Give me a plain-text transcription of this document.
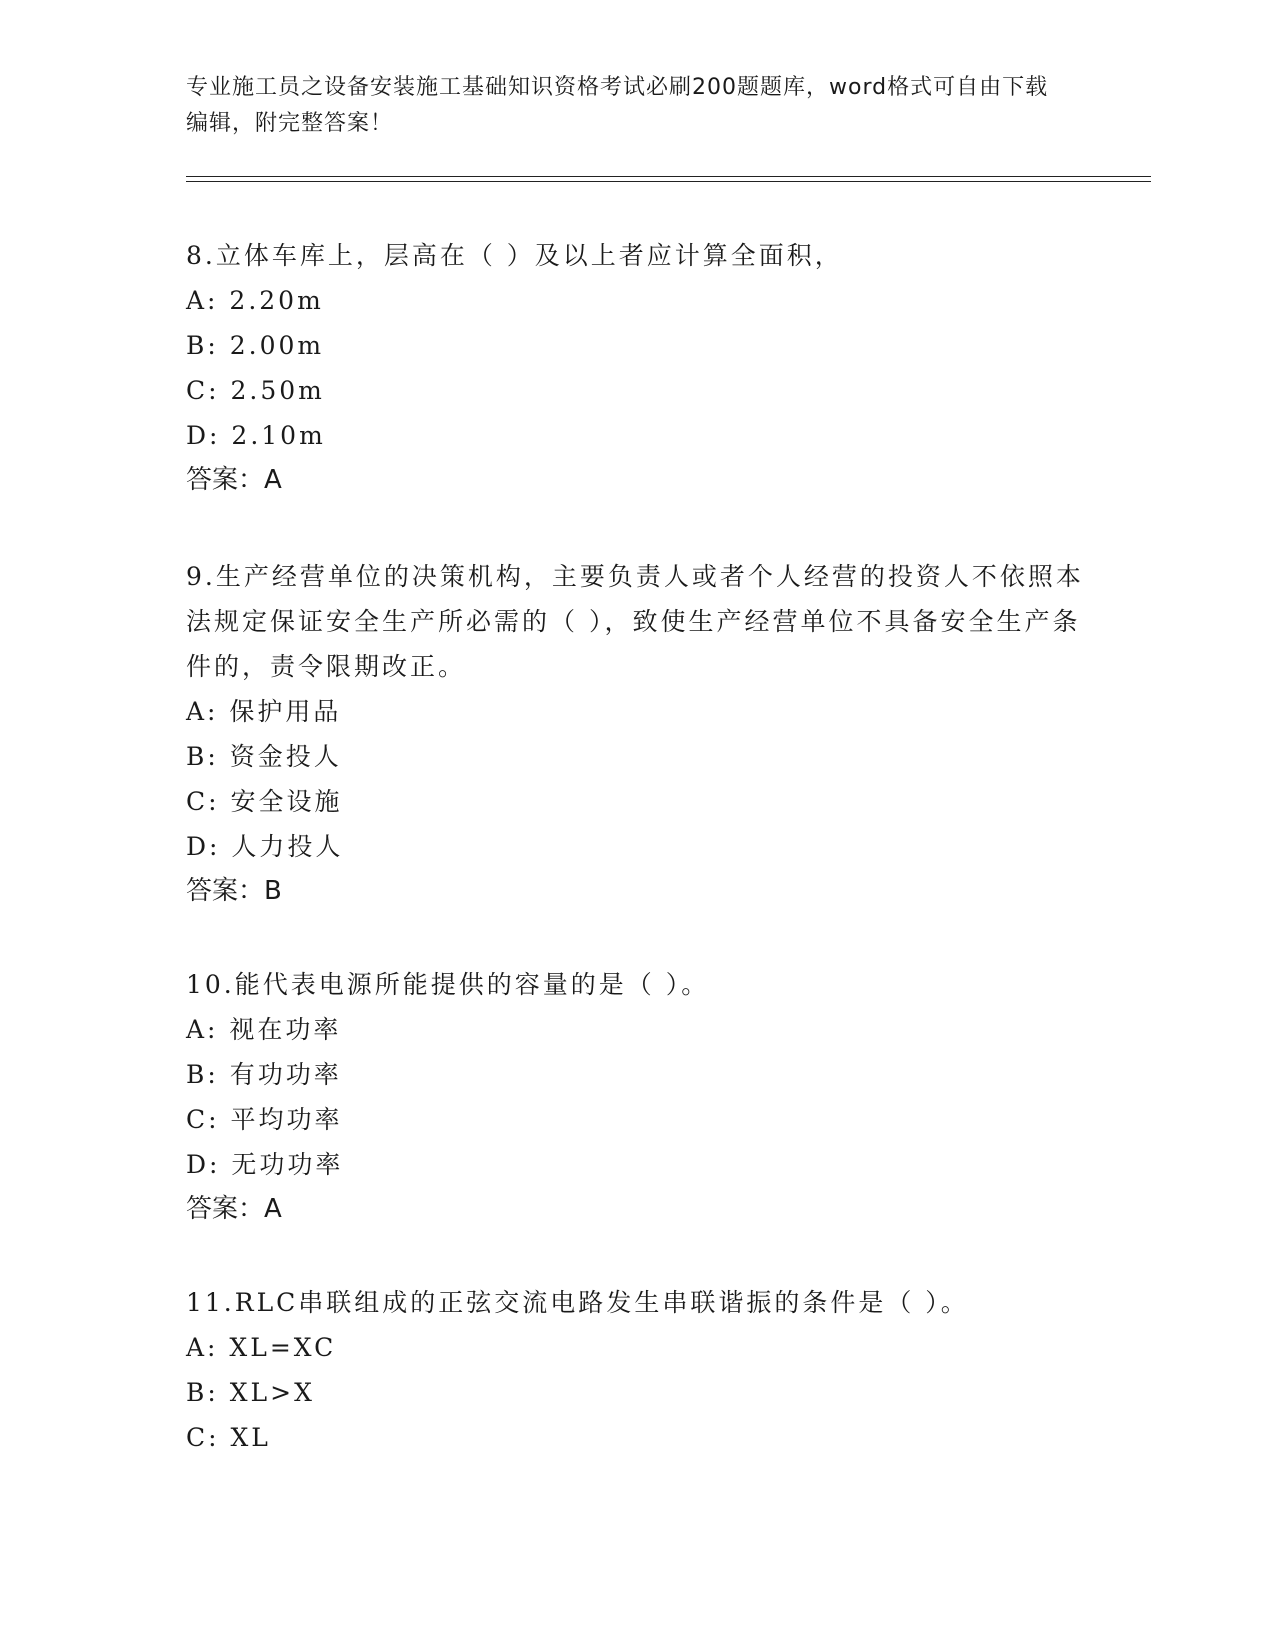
专业施工员之设备安装施工基础知识资格考试必刷200题题库，word格式可自由下载编辑，附完整答案！

8.立体车库上，层高在（ ）及以上者应计算全面积，

A: 2.20m

B: 2.00m

C: 2.50m

D: 2.10m

答案：A

9.生产经营单位的决策机构，主要负责人或者个人经营的投资人不依照本法规定保证安全生产所必需的（ ），致使生产经营单位不具备安全生产条件的，责令限期改正。

A: 保护用品

B: 资金投人

C: 安全设施

D: 人力投人

答案：B

10.能代表电源所能提供的容量的是（ ）。

A: 视在功率

B: 有功功率

C: 平均功率

D: 无功功率

答案：A

11.RLC串联组成的正弦交流电路发生串联谐振的条件是（ ）。

A: XL=XC

B: XL>X

C: XL
